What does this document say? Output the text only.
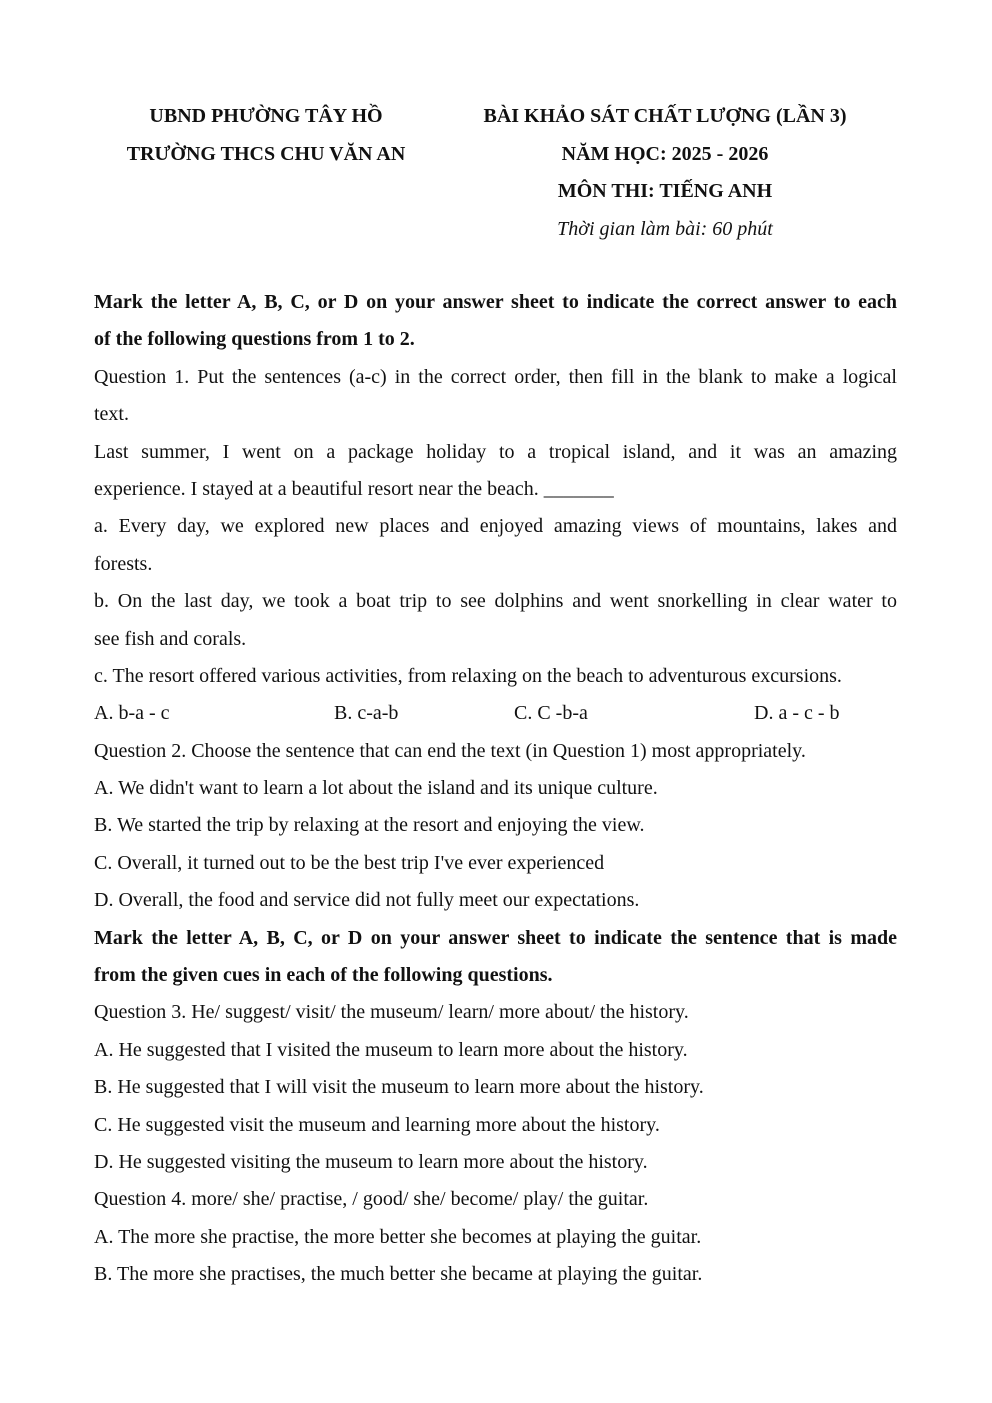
UBND PHƯỜNG TÂY HỒ
TRƯỜNG THCS CHU VĂN AN
BÀI KHẢO SÁT CHẤT LƯỢNG (LẦN 3)
NĂM HỌC: 2025 - 2026
MÔN THI: TIẾNG ANH
Thời gian làm bài: 60 phút
Mark the letter A, B, C, or D on your answer sheet to indicate the correct answer to each
of the following questions from 1 to 2.
Question 1. Put the sentences (a-c) in the correct order, then fill in the blank to make a logical
text.
Last summer, I went on a package holiday to a tropical island, and it was an amazing
experience. I stayed at a beautiful resort near the beach. _______
a. Every day, we explored new places and enjoyed amazing views of mountains, lakes and
forests.
b. On the last day, we took a boat trip to see dolphins and went snorkelling in clear water to
see fish and corals.
c. The resort offered various activities, from relaxing on the beach to adventurous excursions.
A. b-a - c	B. c-a-b	C. C -b-a	D. a - c - b
Question 2. Choose the sentence that can end the text (in Question 1) most appropriately.
A. We didn't want to learn a lot about the island and its unique culture.
B. We started the trip by relaxing at the resort and enjoying the view.
C. Overall, it turned out to be the best trip I've ever experienced
D. Overall, the food and service did not fully meet our expectations.
Mark the letter A, B, C, or D on your answer sheet to indicate the sentence that is made
from the given cues in each of the following questions.
Question 3. He/ suggest/ visit/ the museum/ learn/ more about/ the history.
A. He suggested that I visited the museum to learn more about the history.
B. He suggested that I will visit the museum to learn more about the history.
C. He suggested visit the museum and learning more about the history.
D. He suggested visiting the museum to learn more about the history.
Question 4. more/ she/ practise, / good/ she/ become/ play/ the guitar.
A. The more she practise, the more better she becomes at playing the guitar.
B. The more she practises, the much better she became at playing the guitar.
